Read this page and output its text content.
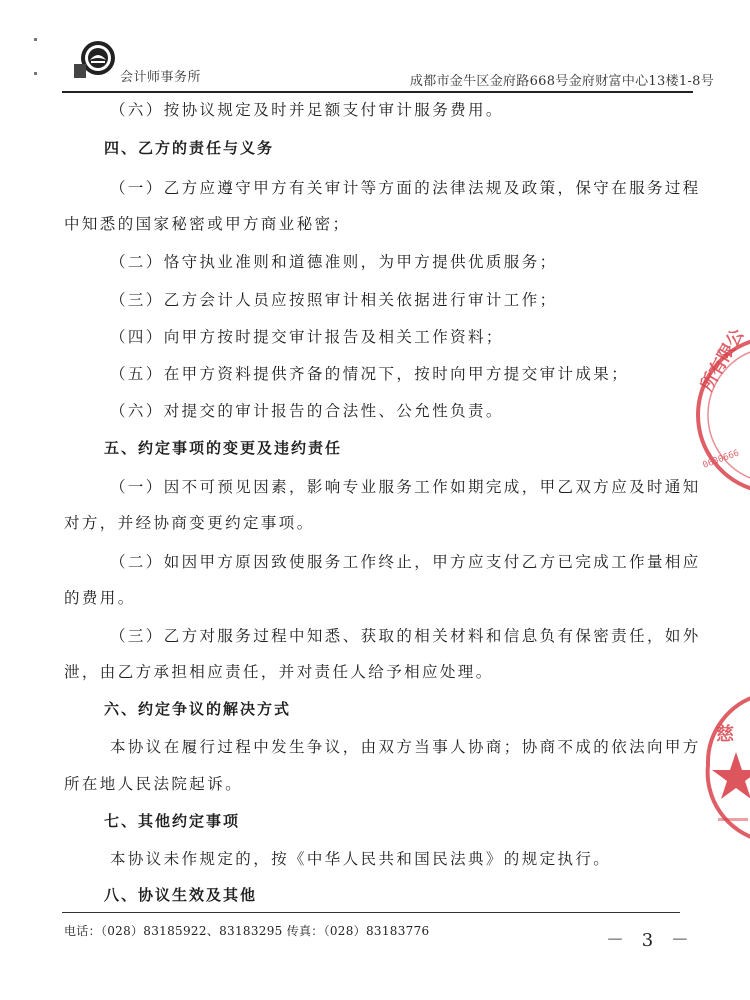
会计师事务所	成都市金牛区金府路668号金府财富中心13楼1-8号
（六）按协议规定及时并足额支付审计服务费用。
四、乙方的责任与义务
（一）乙方应遵守甲方有关审计等方面的法律法规及政策，保守在服务过程
中知悉的国家秘密或甲方商业秘密；
（二）恪守执业准则和道德准则，为甲方提供优质服务；
（三）乙方会计人员应按照审计相关依据进行审计工作；
（四）向甲方按时提交审计报告及相关工作资料；
（五）在甲方资料提供齐备的情况下，按时向甲方提交审计成果；
（六）对提交的审计报告的合法性、公允性负责。
五、约定事项的变更及违约责任
（一）因不可预见因素，影响专业服务工作如期完成，甲乙双方应及时通知
对方，并经协商变更约定事项。
（二）如因甲方原因致使服务工作终止，甲方应支付乙方已完成工作量相应
的费用。
（三）乙方对服务过程中知悉、获取的相关材料和信息负有保密责任，如外
泄，由乙方承担相应责任，并对责任人给予相应处理。
六、约定争议的解决方式
本协议在履行过程中发生争议，由双方当事人协商；协商不成的依法向甲方
所在地人民法院起诉。
七、其他约定事项
本协议未作规定的，按《中华人民共和国民法典》的规定执行。
八、协议生效及其他
所有限公
0630666
慈
电话：（028）83185922、83183295 传真：（028）83183776	－ 3 －
